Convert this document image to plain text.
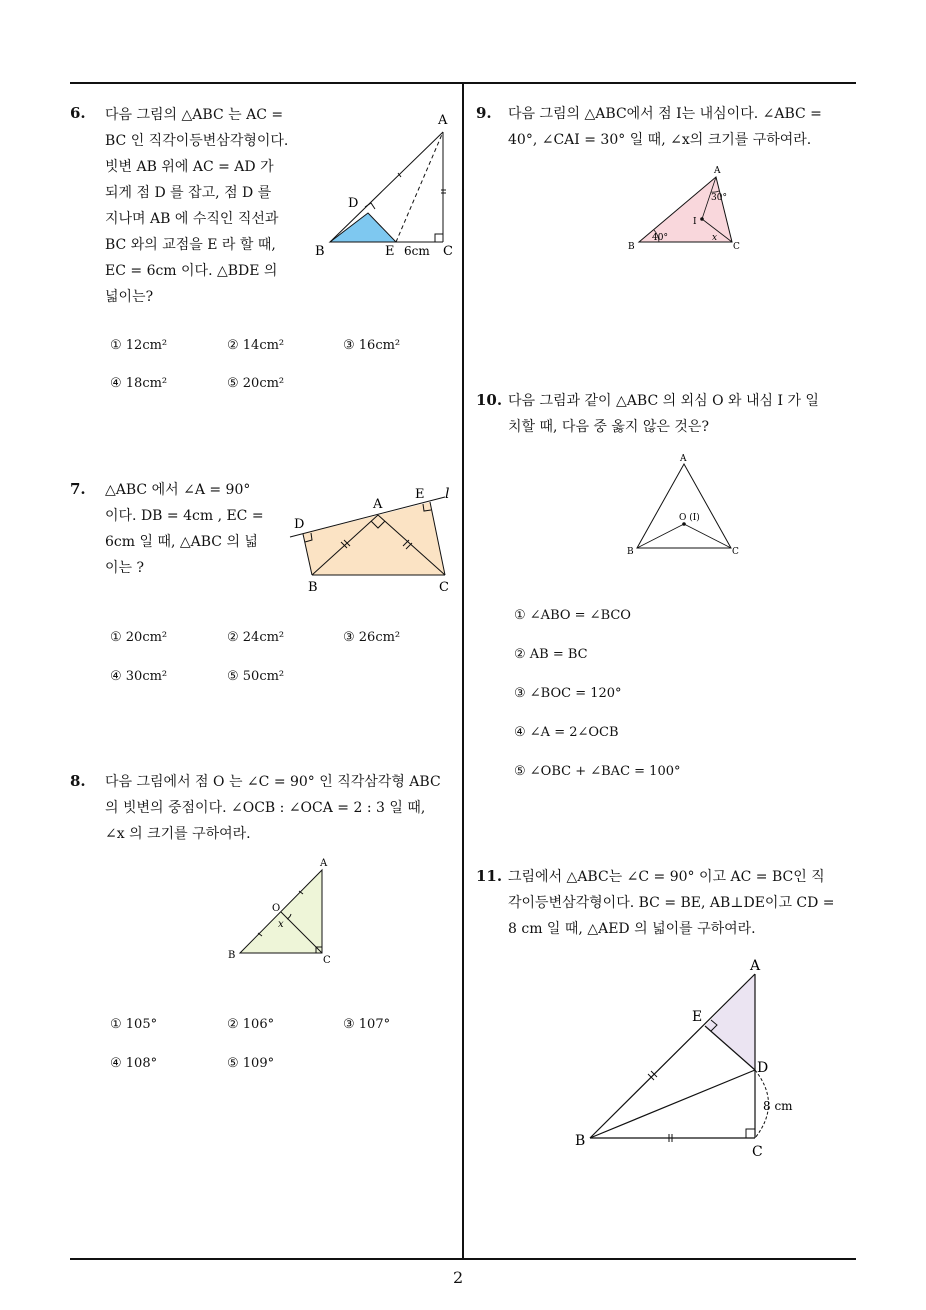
6. 다음 그림의 △ABC 는 AC =

BC 인 직각이등변삼각형이다.

빗변 AB 위에 AC = AD 가

되게 점 D 를 잡고, 점 D 를

지나며 AB 에 수직인 직선과

BC 와의 교점을 E 라 할 때,

EC = 6cm 이다. △BDE 의

넓이는?

A
B	C
D
E 6cm
① 12cm²	② 14cm²	③ 16cm²
④ 18cm²	⑤ 20cm²
7. △ABC 에서 ∠A = 90°

이다. DB = 4cm , EC =

6cm 일 때, △ABC 의 넓

이는 ?

A
B	C
D
E l
① 20cm²	② 24cm²	③ 26cm²
④ 30cm²	⑤ 50cm²
8. 다음 그림에서 점 O 는 ∠C = 90° 인 직각삼각형 ABC

의 빗변의 중점이다. ∠OCB : ∠OCA = 2 : 3 일 때,

∠x 의 크기를 구하여라.

A
B	C
O
x
① 105°	② 106°	③ 107°
④ 108°	⑤ 109°
9. 다음 그림의 △ABC에서 점 I는 내심이다. ∠ABC =

40°, ∠CAI = 30° 일 때, ∠x의 크기를 구하여라.

A
B	C
I
30°
40°	x
10. 다음 그림과 같이 △ABC 의 외심 O 와 내심 I 가 일

치할 때, 다음 중 옳지 않은 것은?

A
B	C
O (I)
① ∠ABO = ∠BCO
② AB = BC
③ ∠BOC = 120°
④ ∠A = 2∠OCB
⑤ ∠OBC + ∠BAC = 100°
11. 그림에서 △ABC는 ∠C = 90° 이고 AC = BC인 직

각이등변삼각형이다. BC = BE, AB⊥DE이고 CD =

8 cm 일 때, △AED 의 넓이를 구하여라.

A
B
C
D
E
8 cm
2
